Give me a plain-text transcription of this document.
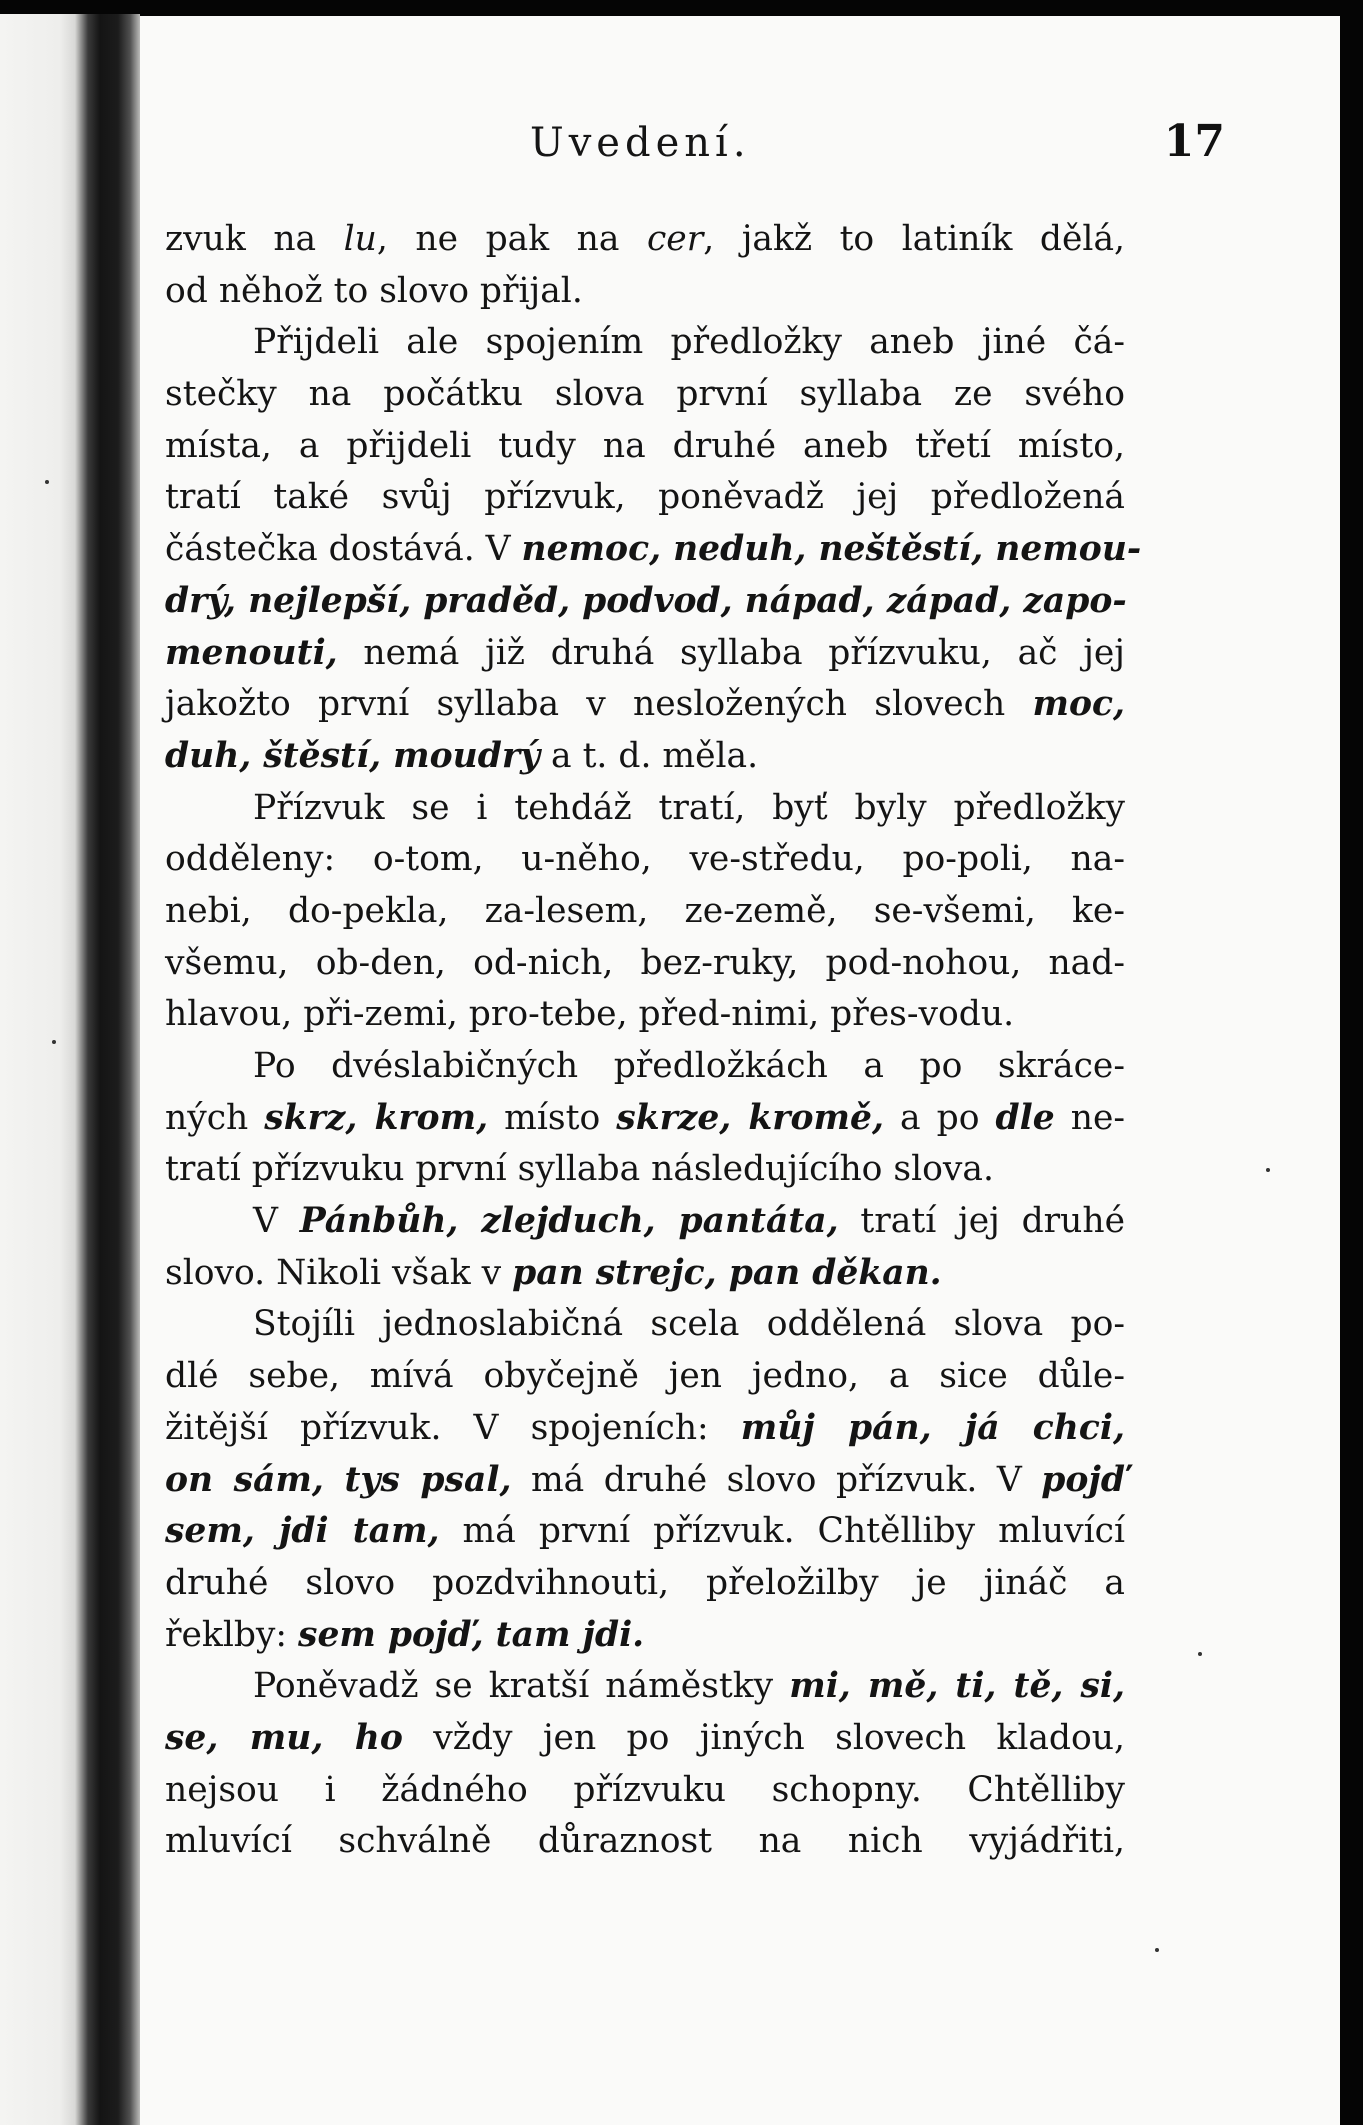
Uvedení.	17
zvuk na lu, ne pak na cer, jakž to latiník dělá,
od něhož to slovo přijal.
Přijdeli ale spojením předložky aneb jiné čá-
stečky na počátku slova první syllaba ze svého
místa, a přijdeli tudy na druhé aneb třetí místo,
tratí také svůj přízvuk, poněvadž jej předložená
částečka dostává. V nemoc, neduh, neštěstí, nemou-
drý, nejlepší, praděd, podvod, nápad, západ, zapo-
menouti, nemá již druhá syllaba přízvuku, ač jej
jakožto první syllaba v nesložených slovech moc,
duh, štěstí, moudrý a t. d. měla.
Přízvuk se i tehdáž tratí, byť byly předložky
odděleny: o-tom, u-něho, ve-středu, po-poli, na-
nebi, do-pekla, za-lesem, ze-země, se-všemi, ke-
všemu, ob-den, od-nich, bez-ruky, pod-nohou, nad-
hlavou, při-zemi, pro-tebe, před-nimi, přes-vodu.
Po dvéslabičných předložkách a po skrácе-
ných skrz, krom, místo skrze, kromě, a po dle ne-
tratí přízvuku první syllaba následujícího slova.
V Pánbůh, zlejduch, pantáta, tratí jej druhé
slovo. Nikoli však v pan strejc, pan děkan.
Stojíli jednoslabičná scela oddělená slova po-
dlé sebe, mívá obyčejně jen jedno, a sice důle-
žitější přízvuk. V spojeních: můj pán, já chci,
on sám, tys psal, má druhé slovo přízvuk. V pojď
sem, jdi tam, má první přízvuk. Chtělliby mluvící
druhé slovo pozdvihnouti, přeložilby je jináč a
řeklby: sem pojď, tam jdi.
Poněvadž se kratší náměstky mi, mě, ti, tě, si,
se, mu, ho vždy jen po jiných slovech kladou,
nejsou i žádného přízvuku schopny. Chtělliby
mluvící schválně důraznost na nich vyjádřiti,
